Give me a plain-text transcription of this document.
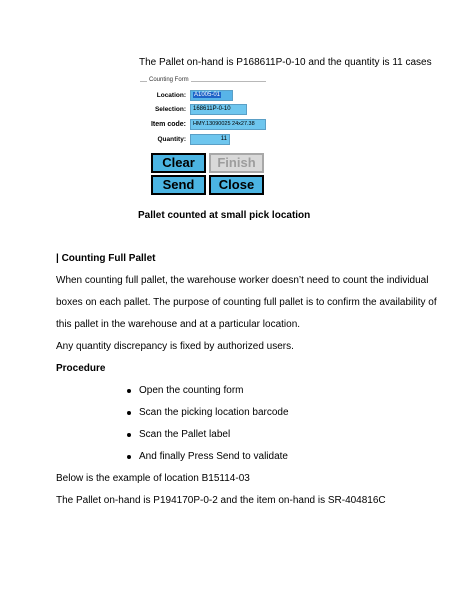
The Pallet on-hand is P168611P-0-10 and the quantity is 11 cases
Counting Form
Location:	A1005-01
Selection:	168611P-0-10
Item code:	HMY.13090025 24x27.38
Quantity:	11
Clear	Finish
Send	Close
Pallet counted at small pick location
| Counting Full Pallet
When counting full pallet, the warehouse worker doesn’t need to count the individual
boxes on each pallet. The purpose of counting full pallet is to confirm the availability of
this pallet in the warehouse and at a particular location.
Any quantity discrepancy is fixed by authorized users.
Procedure
Open the counting form
Scan the picking location barcode
Scan the Pallet label
And finally Press Send to validate
Below is the example of location B15114-03
The Pallet on-hand is P194170P-0-2 and the item on-hand is SR-404816C
